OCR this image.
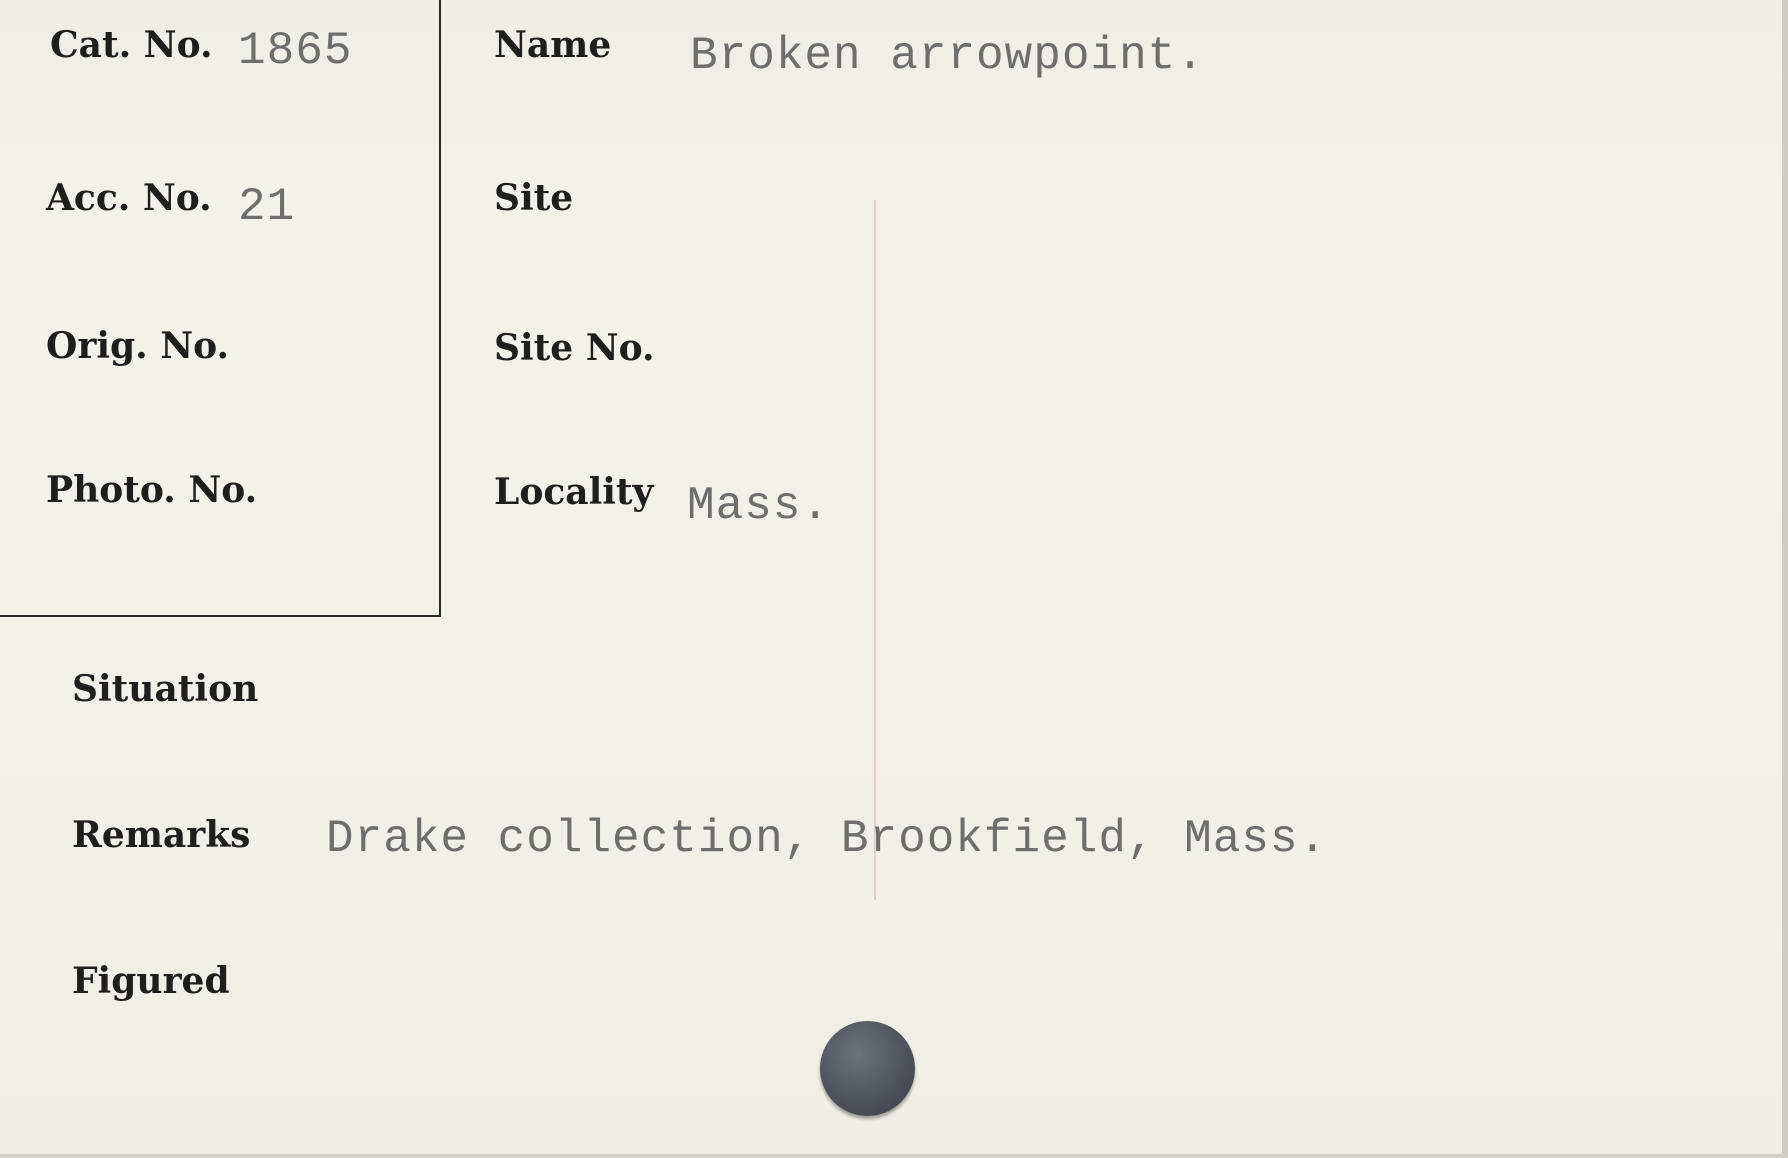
Cat. No. 1865
Acc. No. 21
Orig. No.
Photo. No.
Name Broken arrowpoint.
Site
Site No.
Locality Mass.
Situation
Remarks Drake collection, Brookfield, Mass.
Figured
